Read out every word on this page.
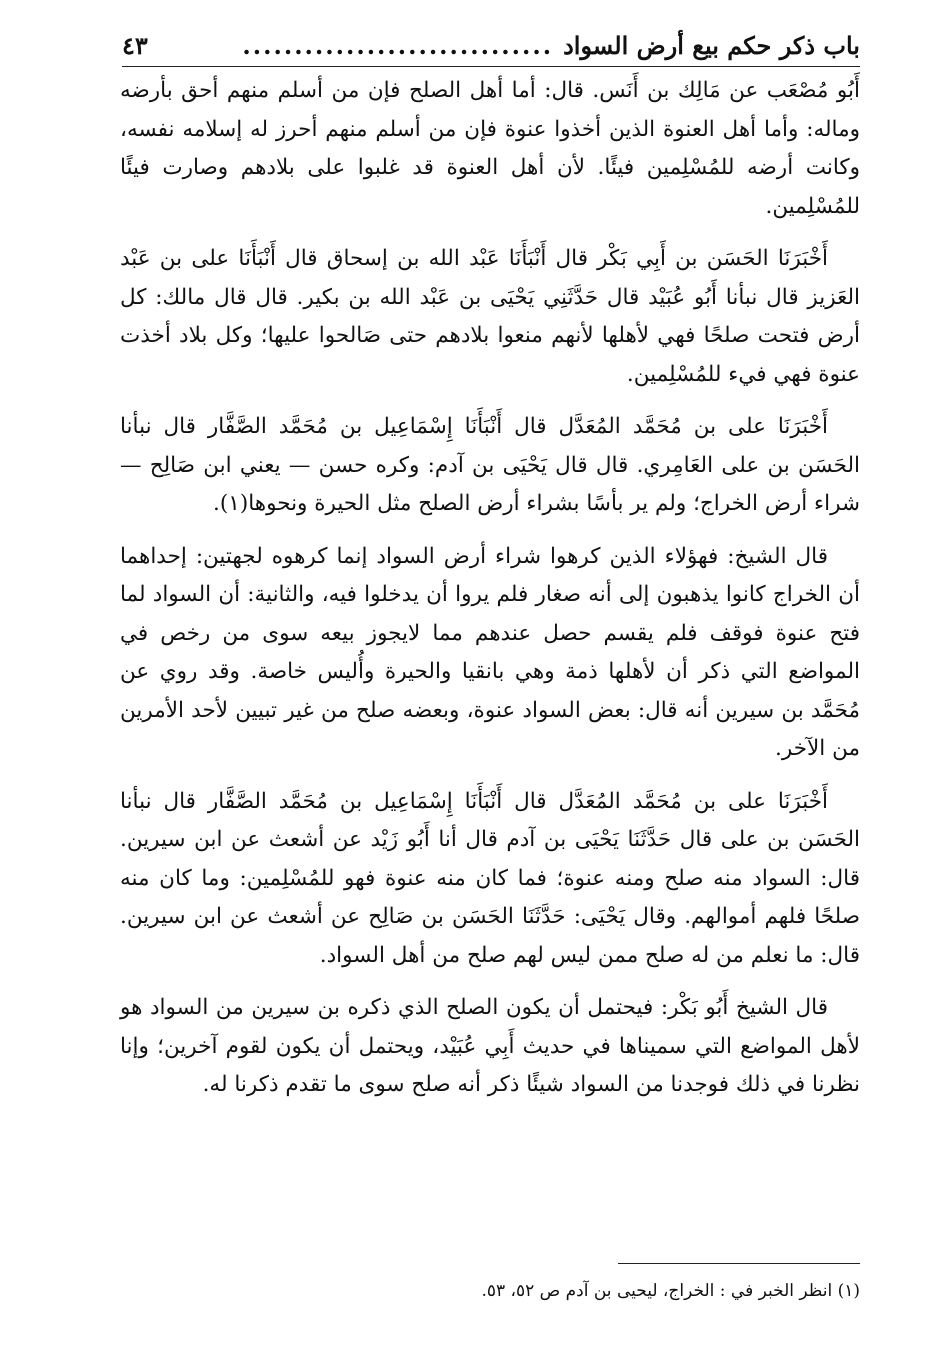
باب ذكر حكم بيع أرض السواد
..............................
٤٣

أَبُو مُصْعَب عن مَالِك بن أَنَس. قال: أما أهل الصلح فإن من أسلم منهم أحق بأرضه وماله: وأما أهل العنوة الذين أخذوا عنوة فإن من أسلم منهم أحرز له إسلامه نفسه، وكانت أرضه للمُسْلِمين فيئًا. لأن أهل العنوة قد غلبوا على بلادهم وصارت فيئًا للمُسْلِمين.

أَخْبَرَنَا الحَسَن بن أَبِي بَكْر قال أَنْبَأَنَا عَبْد الله بن إسحاق قال أَنْبَأَنَا على بن عَبْد العَزيز قال نبأنا أَبُو عُبَيْد قال حَدَّثَنِي يَحْيَى بن عَبْد الله بن بكير. قال قال مالك: كل أرض فتحت صلحًا فهي لأهلها لأنهم منعوا بلادهم حتى صَالحوا عليها؛ وكل بلاد أخذت عنوة فهي فيء للمُسْلِمين.

أَخْبَرَنَا على بن مُحَمَّد المُعَدَّل قال أَنْبَأَنَا إِسْمَاعِيل بن مُحَمَّد الصَّفَّار قال نبأنا الحَسَن بن على العَامِري. قال قال يَحْيَى بن آدم: وكره حسن — يعني ابن صَالِح — شراء أرض الخراج؛ ولم ير بأسًا بشراء أرض الصلح مثل الحيرة ونحوها(١).

قال الشيخ: فهؤلاء الذين كرهوا شراء أرض السواد إنما كرهوه لجهتين: إحداهما أن الخراج كانوا يذهبون إلى أنه صغار فلم يروا أن يدخلوا فيه، والثانية: أن السواد لما فتح عنوة فوقف فلم يقسم حصل عندهم مما لايجوز بيعه سوى من رخص في المواضع التي ذكر أن لأهلها ذمة وهي بانقيا والحيرة وأُليس خاصة. وقد روي عن مُحَمَّد بن سيرين أنه قال: بعض السواد عنوة، وبعضه صلح من غير تبيين لأحد الأمرين من الآخر.

أَخْبَرَنَا على بن مُحَمَّد المُعَدَّل قال أَنْبَأَنَا إِسْمَاعِيل بن مُحَمَّد الصَّفَّار قال نبأنا الحَسَن بن على قال حَدَّثَنَا يَحْيَى بن آدم قال أنا أَبُو زَيْد عن أشعث عن ابن سيرين. قال: السواد منه صلح ومنه عنوة؛ فما كان منه عنوة فهو للمُسْلِمين: وما كان منه صلحًا فلهم أموالهم. وقال يَحْيَى: حَدَّثَنَا الحَسَن بن صَالِح عن أشعث عن ابن سيرين. قال: ما نعلم من له صلح ممن ليس لهم صلح من أهل السواد.

قال الشيخ أَبُو بَكْر: فيحتمل أن يكون الصلح الذي ذكره بن سيرين من السواد هو لأهل المواضع التي سميناها في حديث أَبِي عُبَيْد، ويحتمل أن يكون لقوم آخرين؛ وإنا نظرنا في ذلك فوجدنا من السواد شيئًا ذكر أنه صلح سوى ما تقدم ذكرنا له.

(١) انظر الخبر في : الخراج، ليحيى بن آدم ص ٥٢، ٥٣.
